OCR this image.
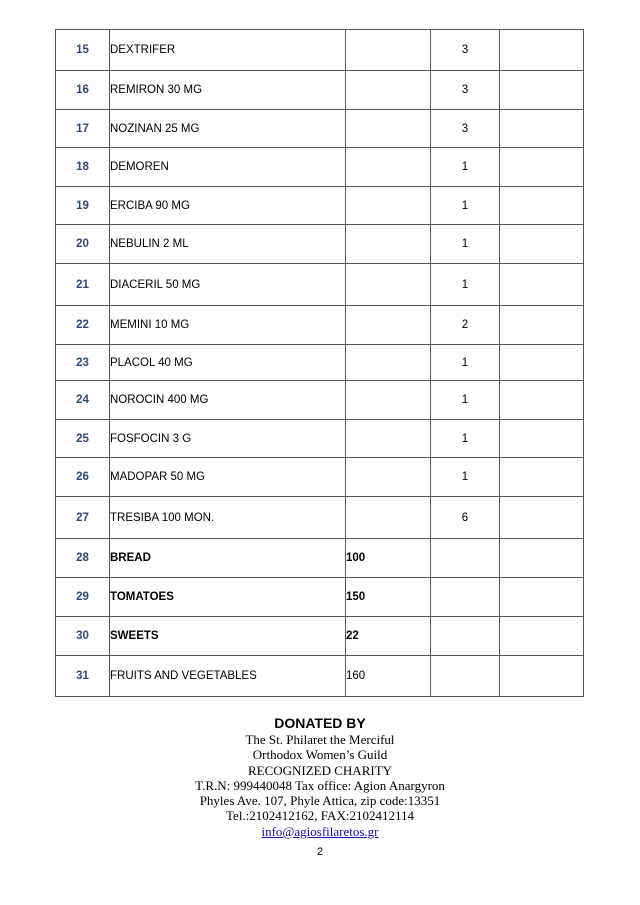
15	DEXTRIFER		3	
16	REMIRON 30 MG		3	
17	NOZINAN 25 MG		3	
18	DEMOREN		1	
19	ERCIBA 90 MG		1	
20	NEBULIN 2 ML		1	
21	DIACERIL 50 MG		1	
22	MEMINI 10 MG		2	
23	PLACOL 40 MG		1	
24	NOROCIN 400 MG		1	
25	FOSFOCIN 3 G		1	
26	MADOPAR 50 MG		1	
27	TRESIBA 100 MON.		6	
28	BREAD	100		
29	TOMATOES	150		
30	SWEETS	22		
31	FRUITS AND VEGETABLES	160		
DONATED BY
The St. Philaret the Merciful
Orthodox Women’s Guild
RECOGNIZED CHARITY
T.R.N: 999440048 Tax office: Agion Anargyron
Phyles Ave. 107, Phyle Attica, zip code:13351
Tel.:2102412162, FAX:2102412114
info@agiosfilaretos.gr
2
